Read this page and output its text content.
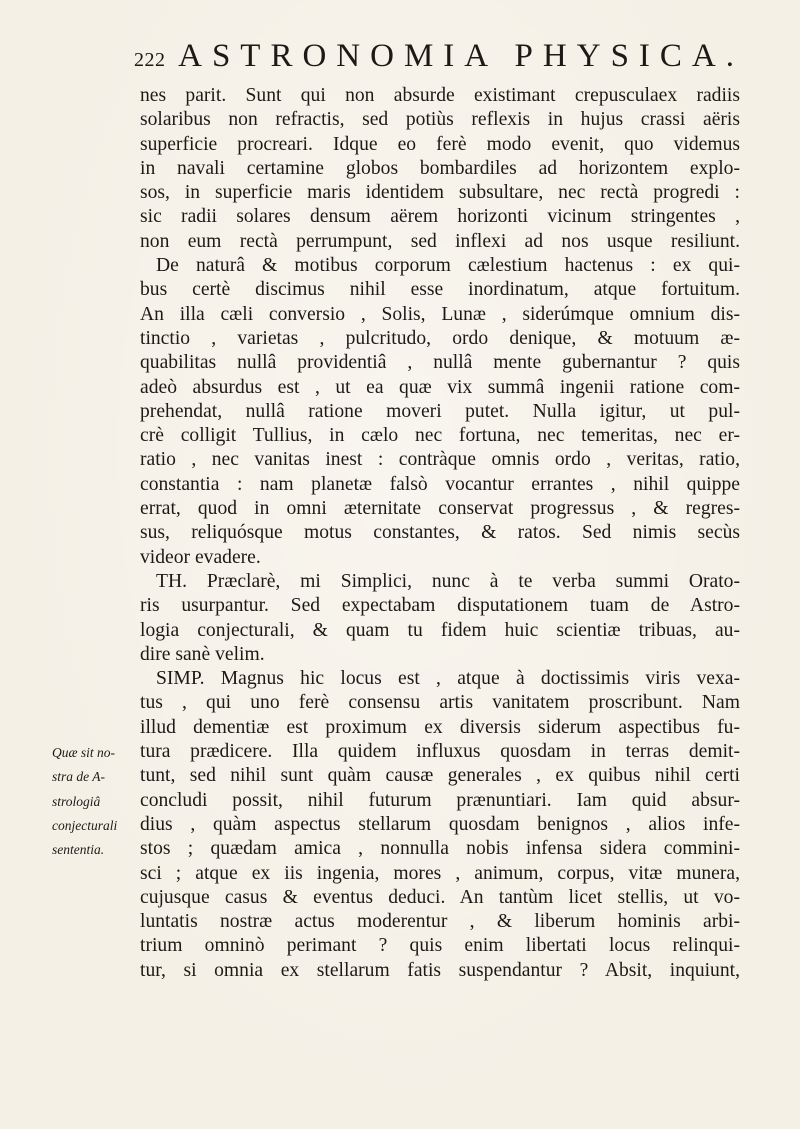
222 ASTRONOMIA PHYSICA.
Quæ sit no-
stra de A-
strologiâ
conjecturali
sententia.
nes parit. Sunt qui non absurde existimant crepusculaex radiis
solaribus non refractis, sed potiùs reflexis in hujus crassi aëris
superficie procreari. Idque eo ferè modo evenit, quo videmus
in navali certamine globos bombardiles ad horizontem explo-
sos, in superficie maris identidem subsultare, nec rectà progredi :
sic radii solares densum aërem horizonti vicinum stringentes ,
non eum rectà perrumpunt, sed inflexi ad nos usque resiliunt.
De naturâ & motibus corporum cælestium hactenus : ex qui-
bus certè discimus nihil esse inordinatum, atque fortuitum.
An illa cæli conversio , Solis, Lunæ , siderúmque omnium dis-
tinctio , varietas , pulcritudo, ordo denique, & motuum æ-
quabilitas nullâ providentiâ , nullâ mente gubernantur ? quis
adeò absurdus est , ut ea quæ vix summâ ingenii ratione com-
prehendat, nullâ ratione moveri putet. Nulla igitur, ut pul-
crè colligit Tullius, in cælo nec fortuna, nec temeritas, nec er-
ratio , nec vanitas inest : contràque omnis ordo , veritas, ratio,
constantia : nam planetæ falsò vocantur errantes , nihil quippe
errat, quod in omni æternitate conservat progressus , & regres-
sus, reliquósque motus constantes, & ratos. Sed nimis secùs
videor evadere.
TH. Præclarè, mi Simplici, nunc à te verba summi Orato-
ris usurpantur. Sed expectabam disputationem tuam de Astro-
logia conjecturali, & quam tu fidem huic scientiæ tribuas, au-
dire sanè velim.
SIMP. Magnus hic locus est , atque à doctissimis viris vexa-
tus , qui uno ferè consensu artis vanitatem proscribunt. Nam
illud dementiæ est proximum ex diversis siderum aspectibus fu-
tura prædicere. Illa quidem influxus quosdam in terras demit-
tunt, sed nihil sunt quàm causæ generales , ex quibus nihil certi
concludi possit, nihil futurum prænuntiari. Iam quid absur-
dius , quàm aspectus stellarum quosdam benignos , alios infe-
stos ; quædam amica , nonnulla nobis infensa sidera commini-
sci ; atque ex iis ingenia, mores , animum, corpus, vitæ munera,
cujusque casus & eventus deduci. An tantùm licet stellis, ut vo-
luntatis nostræ actus moderentur , & liberum hominis arbi-
trium omninò perimant ? quis enim libertati locus relinqui-
tur, si omnia ex stellarum fatis suspendantur ? Absit, inquiunt,
